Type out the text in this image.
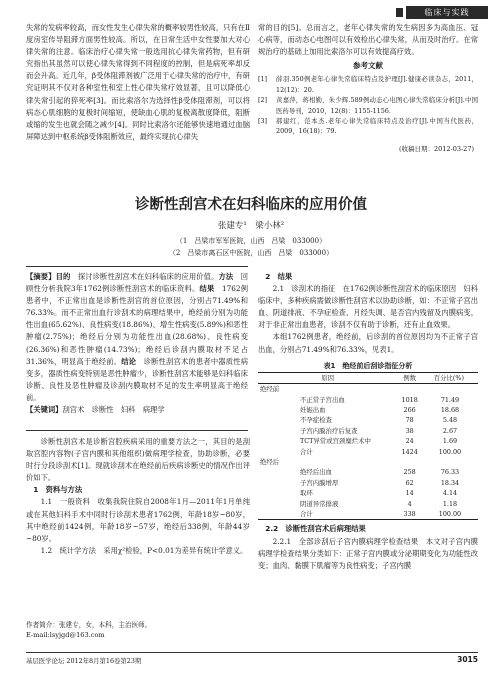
临床与实践
失常的发病率较高，而女性发生心律失常的概率较男性较高，只有在Ⅱ度房室传导阻滞方面男性较高。所以，在日常生活中女性要加大对心律失常的注意。临床治疗心律失常一般选用抗心律失常药物，但有研究指出其虽然可以使心律失常得到不同程度的控制，但是病死率却反而会升高。近几年，β受体阻滞剂被广泛用于心律失常的治疗中，有研究证明其不仅对各种室性和室上性心律失常疗效显著，且可以降低心律失常引起的猝死率[3]。而比索洛尔为选择性β受体阻滞剂，可以将病态心肌细胞的复极时间缩短，使缺血心肌的复极离散度降低，阻断或缩的发生也就会随之减少[4]。同时比索洛尔还能够快速地通过血脑屏障达到中枢系统β受体阻断效应，最终实现抗心律失

常的目的[5]。总而言之，老年心律失常的发生病因多为高血压、冠心病等，而动态心电图可以有效检出心律失常，从而及时治疗。在常规治疗的基础上加用比索洛尔可以有效提高疗效。

参考文献

[1]	薛羽.350例老年心律失常临床特点及护理[J].健康必读杂志，2011，12(12)：20.
[2]	黄嘉萍，蒋相勤，朱少辉.589例动态心电图心律失常临床分析[J].中国医药导刊，2010，12(8)：1155-1156.
[3]	郝建红，范本杰.老年心律失常临床特点及治疗[J].中国当代医药，2009，16(18)：79.

(收稿日期：2012-03-27)

诊断性刮宫术在妇科临床的应用价值
张建专¹　梁小林²
（1　吕梁市军军医院，山西　吕梁　033000）
（2　吕梁市离石区中医院，山西　吕梁　033000）

【摘要】目的　 探讨诊断性刮宫术在妇科临床的应用价值。方法　 回顾性分析我院3年1762例诊断性刮宫术的临床资料。结果　 1762例患者中，不正常出血是诊断性刮宫的首位原因，分别占71.49%和76.33%。而不正常出血行诊刮术的病理结果中，绝经前分别为功能性出血(65.62%)、良性病变(18.86%)、增生性病变(5.89%)和恶性肿瘤(2.75%)；绝经后分别为功能性出血(28.68%)、良性病变(26.36%)和恶性肿瘤(14.73%)；绝经后诊刮内膜取材不足占31.36%，明显高于绝经前。结论　 诊断性刮宫术的患者中器质性病变多，器质性病变特别是恶性肿瘤少，诊断性刮宫术能够是妇科临床诊断、良性及恶性肿瘤及诊刮内膜取材不足的发生率明显高于绝经前。

【关键词】刮宫术　诊断性　妇科　病理学

诊断性刮宫术是诊断宫腔疾病采用的重要方法之一，其目的是刮取宫腔内容物(子宫内膜和其他组织)做病理学检查，协助诊断，必要时行分段诊刮术[1]。现就诊刮术在绝经前后疾病诊断史的情况作出评价如下。

1　资料与方法

1.1　一般资料　收集我院住院自2008年1月—2011年1月单纯或在其他妇科手术中同时行诊刮术患者1762例，年龄18岁~80岁，其中绝经前1424例，年龄18岁~57岁，绝经后338例，年龄44岁~80岁。

1.2　统计学方法　采用χ²检验，P<0.01为差异有统计学意义。

作者简介：张建专，女，本科，主治医师。

E-mail:lsyjgd@163.com

2　结果

2.1　诊刮术的指征　在1762例诊断性刮宫术的临床原因　妇科临床中，多种疾病需做诊断性刮宫术以协助诊断，如：不正常子宫出血、阴道排液、不孕症检查、月经失调、是否宫内残留及内膜病变，对于非正常出血患者，诊刮不仅有助于诊断，还有止血效果。

本组1762例患者，绝经前，后诊刮的首位原因均为不正常子宫出血，分别占71.49%和76.33%，见表1。

表1　绝经前后刮诊指征分析

原因	例数	百分比(%)
绝经前		
不正常子宫出血	1018	71.49
妊娠出血	266	18.68
不孕症检查	78	5.48
子宫内膜治疗后复查	38	2.67
TCT异常或宫颈糜烂术中	24	1.69
合计	1424	100.00
绝经后		
绝经后出血	258	76.33
子宫内膜增厚	62	18.34
取环	14	4.14
阴道异常排液	4	1.18
合计	338	100.00

2.2　诊断性刮宫术后病理结果

2.2.1　全部诊刮后子宫内膜病理学检查结果　本文对子宫内膜病理学检查结果分类如下：正常子宫内膜或分泌期期变化为功能性改变；血肉、黏膜下肌瘤等为良性病变；子宫内膜

基层医学论坛 2012年8月第16卷第23期	3015
